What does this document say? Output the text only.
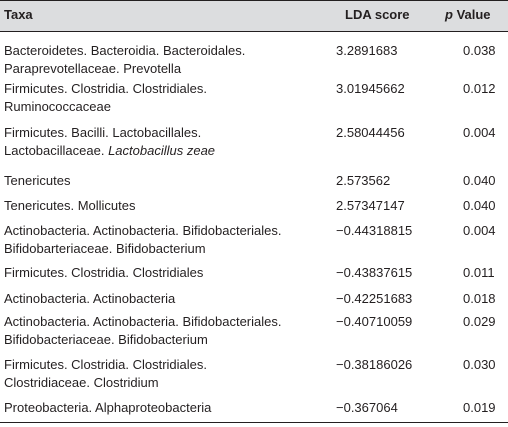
Taxa	LDA score	p Value
Bacteroidetes. Bacteroidia. Bacteroidales.
Paraprevotellaceae. Prevotella
3.2891683	0.038
Firmicutes. Clostridia. Clostridiales.
Ruminococcaceae
3.01945662	0.012
Firmicutes. Bacilli. Lactobacillales.
Lactobacillaceae. Lactobacillus zeae
2.58044456	0.004
Tenericutes	2.573562	0.040
Tenericutes. Mollicutes	2.57347147	0.040
Actinobacteria. Actinobacteria. Bifidobacteriales.
Bifidobarteriaceae. Bifidobacterium
−0.44318815	0.004
Firmicutes. Clostridia. Clostridiales	−0.43837615	0.011
Actinobacteria. Actinobacteria	−0.42251683	0.018
Actinobacteria. Actinobacteria. Bifidobacteriales.
Bifidobacteriaceae. Bifidobacterium
−0.40710059	0.029
Firmicutes. Clostridia. Clostridiales.
Clostridiaceae. Clostridium
−0.38186026	0.030
Proteobacteria. Alphaproteobacteria	−0.367064	0.019
